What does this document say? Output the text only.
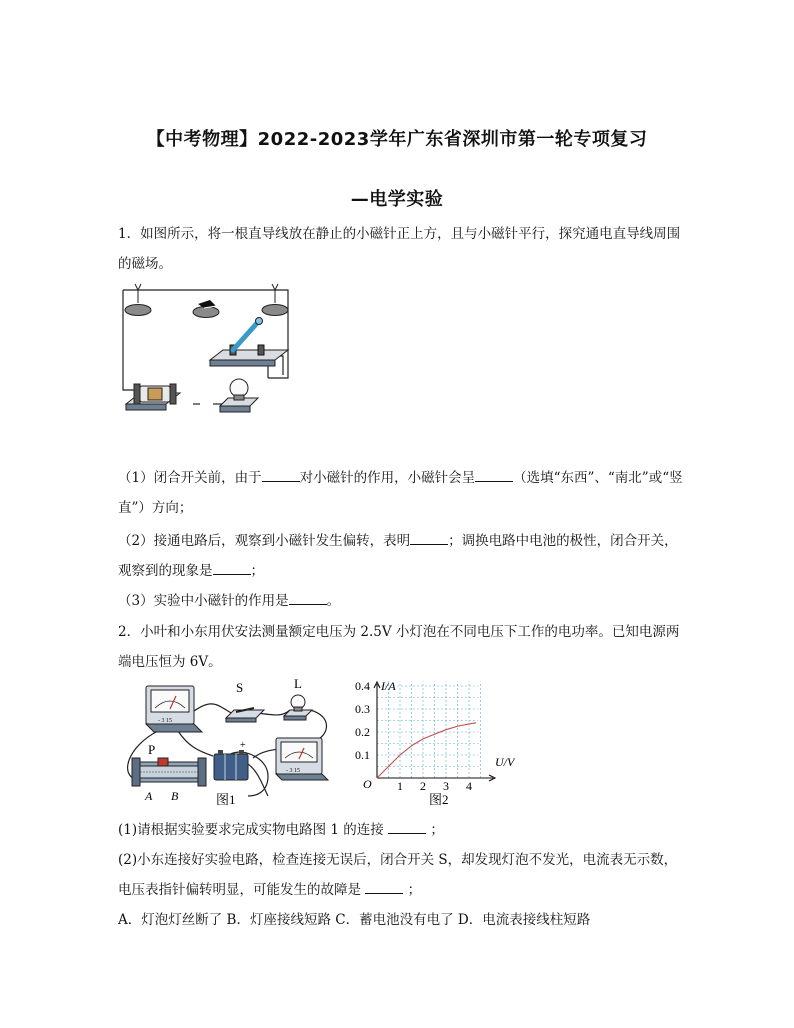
【中考物理】2022-2023学年广东省深圳市第一轮专项复习
—电学实验
1．如图所示，将一根直导线放在静止的小磁针正上方，且与小磁针平行，探究通电直导线周围
的磁场。
（1）闭合开关前，由于	对小磁针的作用，小磁针会呈	（选填“东西”、“南北”或“竖
直”）方向；
（2）接通电路后，观察到小磁针发生偏转，表明	；调换电路中电池的极性，闭合开关，
观察到的现象是	；
（3）实验中小磁针的作用是	。
2．小叶和小东用伏安法测量额定电压为 2.5V 小灯泡在不同电压下工作的电功率。已知电源两
端电压恒为 6V。
- 3 15
S	L
P
A B
+
- 3 15
图1
1 2 3 4
0.1
0.2
0.3
0.4 I/A
U/V
O
图2
(1)请根据实验要求完成实物电路图 1 的连接	；
(2)小东连接好实验电路，检查连接无误后，闭合开关 S，却发现灯泡不发光，电流表无示数，
电压表指针偏转明显，可能发生的故障是	；
A．灯泡灯丝断了 B．灯座接线短路 C．蓄电池没有电了 D．电流表接线柱短路
